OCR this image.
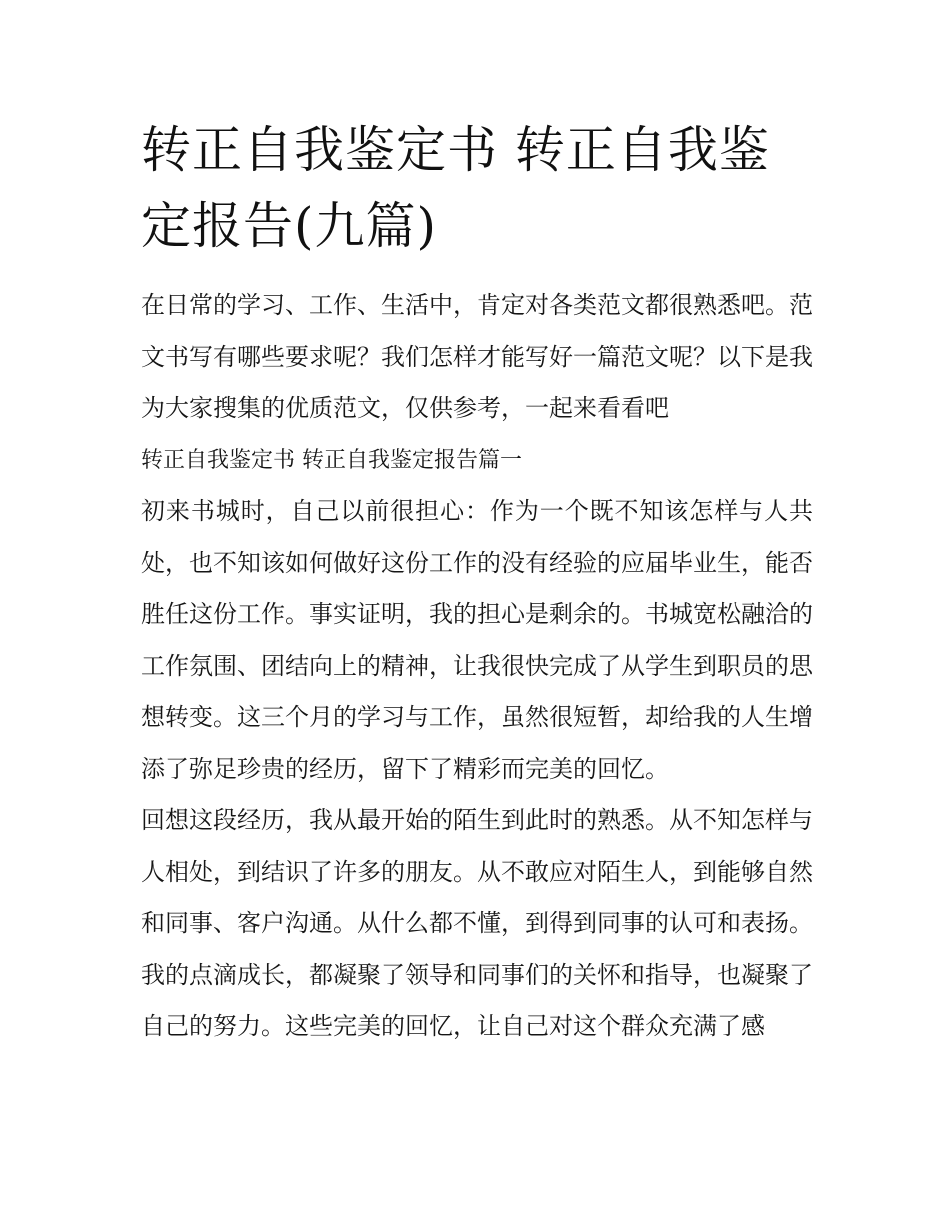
转正自我鉴定书 转正自我鉴定报告(九篇)

在日常的学习、工作、生活中，肯定对各类范文都很熟悉吧。范文书写有哪些要求呢？我们怎样才能写好一篇范文呢？以下是我为大家搜集的优质范文，仅供参考，一起来看看吧

转正自我鉴定书 转正自我鉴定报告篇一

初来书城时，自己以前很担心：作为一个既不知该怎样与人共处，也不知该如何做好这份工作的没有经验的应届毕业生，能否胜任这份工作。事实证明，我的担心是剩余的。书城宽松融洽的工作氛围、团结向上的精神，让我很快完成了从学生到职员的思想转变。这三个月的学习与工作，虽然很短暂，却给我的人生增添了弥足珍贵的经历，留下了精彩而完美的回忆。

回想这段经历，我从最开始的陌生到此时的熟悉。从不知怎样与人相处，到结识了许多的朋友。从不敢应对陌生人，到能够自然和同事、客户沟通。从什么都不懂，到得到同事的认可和表扬。

我的点滴成长，都凝聚了领导和同事们的关怀和指导，也凝聚了自己的努力。这些完美的回忆，让自己对这个群众充满了感
